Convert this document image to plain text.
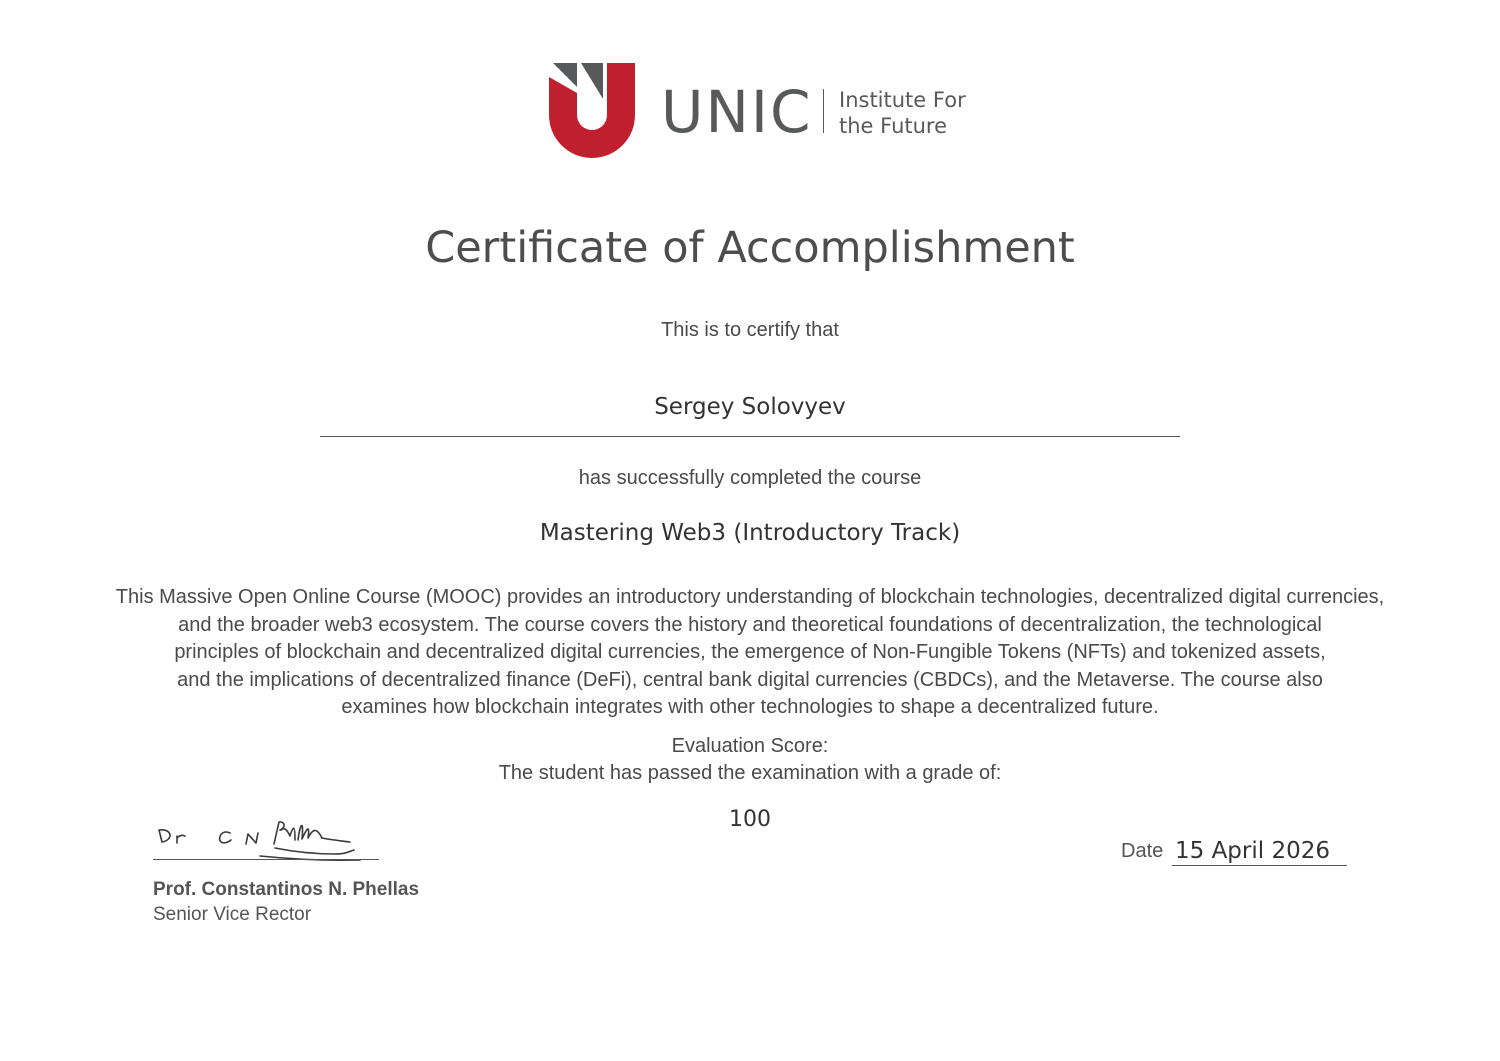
UNIC Institute For
the Future
Certificate of Accomplishment
This is to certify that
Sergey Solovyev
has successfully completed the course
Mastering Web3 (Introductory Track)
This Massive Open Online Course (MOOC) provides an introductory understanding of blockchain technologies, decentralized digital currencies,
and the broader web3 ecosystem. The course covers the history and theoretical foundations of decentralization, the technological
principles of blockchain and decentralized digital currencies, the emergence of Non-Fungible Tokens (NFTs) and tokenized assets,
and the implications of decentralized finance (DeFi), central bank digital currencies (CBDCs), and the Metaverse. The course also
examines how blockchain integrates with other technologies to shape a decentralized future.
Evaluation Score:
The student has passed the examination with a grade of:
100
Prof. Constantinos N. Phellas
Senior Vice Rector
Date 15 April 2026
